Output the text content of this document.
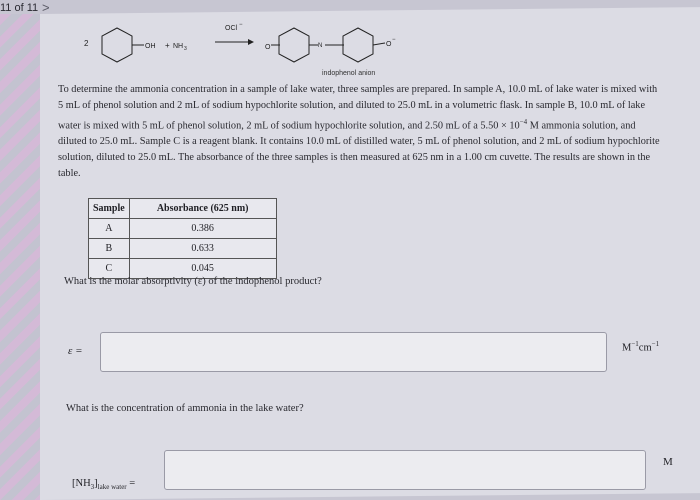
11 of 11 >
2	OH + NH 3
OCl −
O	N	O
−
indophenol anion
To determine the ammonia concentration in a sample of lake water, three samples are prepared. In sample A, 10.0 mL of lake water is mixed with 5 mL of phenol solution and 2 mL of sodium hypochlorite solution, and diluted to 25.0 mL in a volumetric flask. In sample B, 10.0 mL of lake water is mixed with 5 mL of phenol solution, 2 mL of sodium hypochlorite solution, and 2.50 mL of a $5.50 \times 10^{-4}$ M ammonia solution, and diluted to 25.0 mL. Sample C is a reagent blank. It contains 10.0 mL of distilled water, 5 mL of phenol solution, and 2 mL of sodium hypochlorite solution, diluted to 25.0 mL. The absorbance of the three samples is then measured at 625 nm in a 1.00 cm cuvette. The results are shown in the table.
Sample	Absorbance (625 nm)
A	0.386
B	0.633
C	0.045
What is the molar absorptivity (ε) of the indophenol product?
ε =	$M^{-1}cm^{-1}$
What is the concentration of ammonia in the lake water?
$[NH_3]_{lake water}$ =
M
